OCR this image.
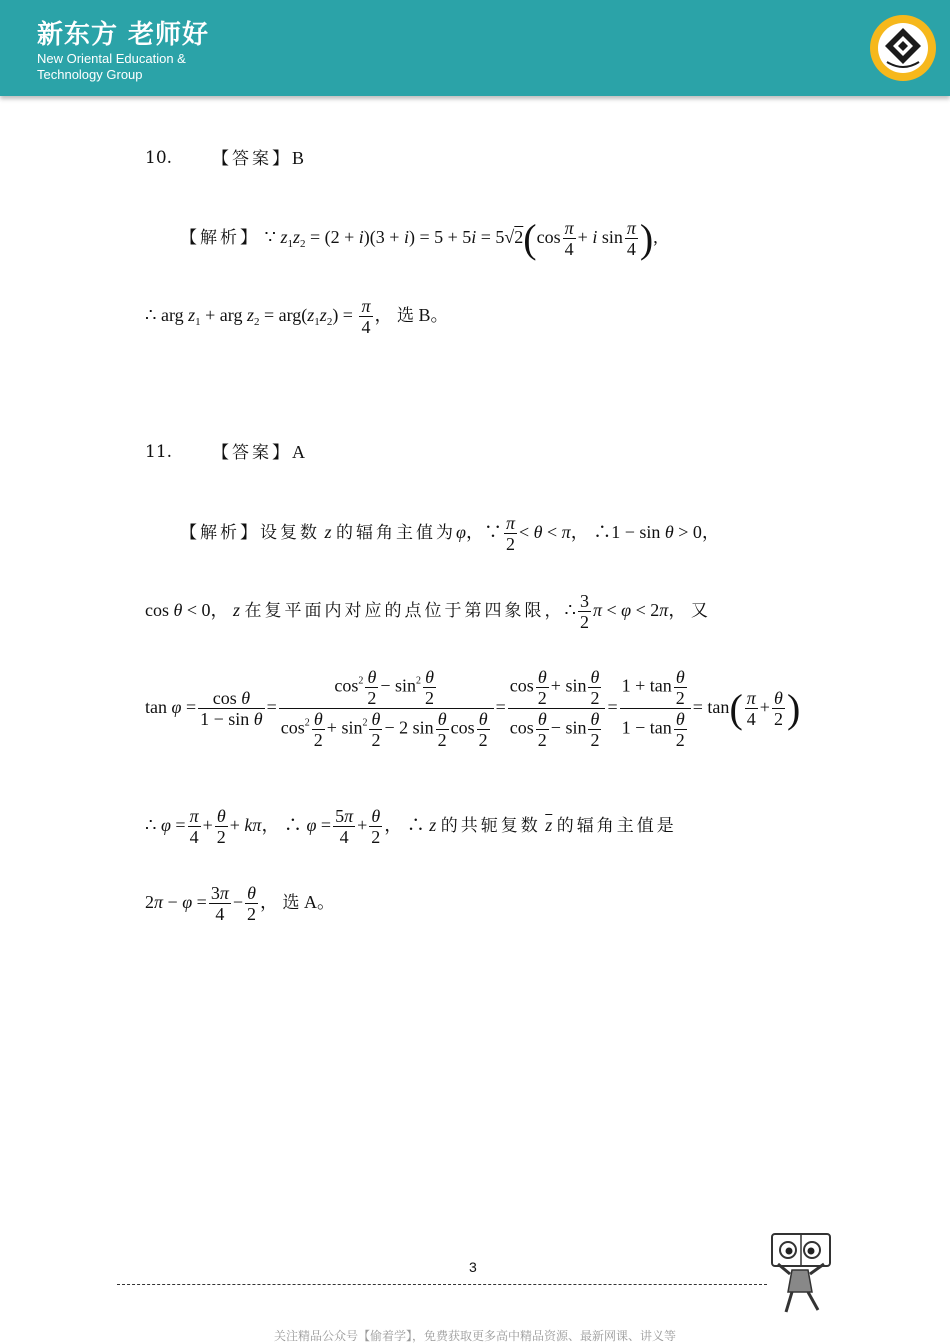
新东方 老师好
New Oriental Education &
Technology Group
10. 【答案】B
【解析】 ∵ $z_1z_2 = (2 + i)(3 + i) = 5 + 5i = 5√2(\cos \frac{\pi}{4} + i$ $\sin \frac{\pi}{4}$ ),
∴ arg $z_1$ + arg $z_2 = arg(z_1z_2) = \frac{\pi}{4}$ ， 选 B。
11. 【答案】A
【解析】设复数 z 的辐角主值为φ，∵ $\frac{\pi}{2} < \theta < \pi$， ∴1 − sin θ > 0，
cos θ < 0， z 在复平面内对应的点位于第四象限，∴ $\frac{3}{2}$ π < φ < 2π， 又
$\tan \varphi = \frac{\text{cos θ}}{\text{1 − sin θ}} = \frac{\cos^2 \frac{\theta}{2} - \sin^2 \frac{\theta}{2}}{\cos^2 \frac{\theta}{2} + \sin^2 \frac{\theta}{2} - 2 \sin \frac{\theta}{2} \cos \frac{\theta}{2}} = \frac{\cos \frac{\theta}{2} + \sin \frac{\theta}{2}}{\cos \frac{\theta}{2} - \sin \frac{\theta}{2}} = \frac{1 + \tan \frac{\theta}{2}}{1 - \tan \frac{\theta}{2}} = \tan( \frac{\pi}{4} + \frac{\theta}{2}$ )
∴ $\varphi = \frac{\pi}{4} + \frac{\theta}{2} + k\pi$， ∴ $\varphi = \frac{5\pi}{4} + \frac{\theta}{2}$ ， ∴ z 的共轭复数 $\overline{z}$ 的辐角主值是
$2\pi - \varphi = \frac{3\pi}{4} - \frac{\theta}{2}$ ， 选 A。
3
关注精品公众号【偷着学】，免费获取更多高中精品资源、最新网课、讲义等
